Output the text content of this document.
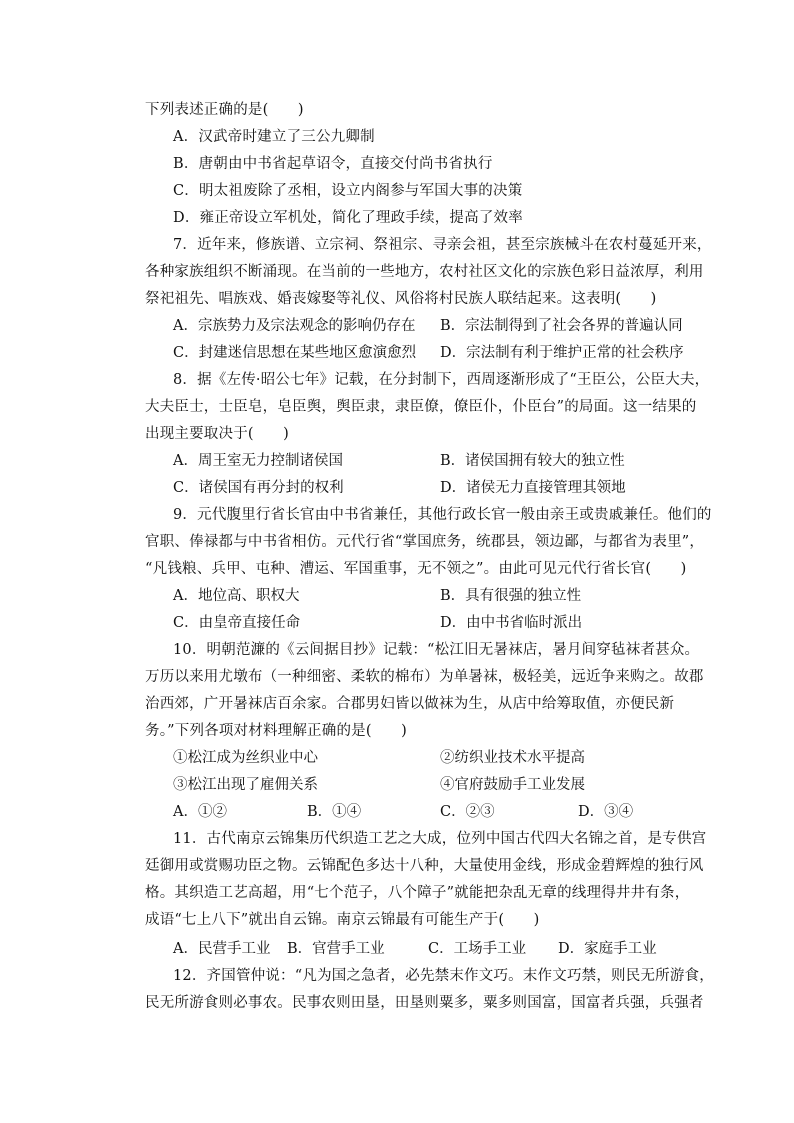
下列表述正确的是(　　)
A．汉武帝时建立了三公九卿制
B．唐朝由中书省起草诏令，直接交付尚书省执行
C．明太祖废除了丞相，设立内阁参与军国大事的决策
D．雍正帝设立军机处，简化了理政手续，提高了效率
7．近年来，修族谱、立宗祠、祭祖宗、寻亲会祖，甚至宗族械斗在农村蔓延开来，
各种家族组织不断涌现。在当前的一些地方，农村社区文化的宗族色彩日益浓厚，利用
祭祀祖先、唱族戏、婚丧嫁娶等礼仪、风俗将村民族人联结起来。这表明(　　)
A．宗族势力及宗法观念的影响仍存在 B．宗法制得到了社会各界的普遍认同
C．封建迷信思想在某些地区愈演愈烈 D．宗法制有利于维护正常的社会秩序
8．据《左传·昭公七年》记载，在分封制下，西周逐渐形成了“王臣公，公臣大夫，
大夫臣士，士臣皂，皂臣舆，舆臣隶，隶臣僚，僚臣仆，仆臣台”的局面。这一结果的
出现主要取决于(　　)
A．周王室无力控制诸侯国	B．诸侯国拥有较大的独立性
C．诸侯国有再分封的权利	D．诸侯无力直接管理其领地
9．元代腹里行省长官由中书省兼任，其他行政长官一般由亲王或贵戚兼任。他们的
官职、俸禄都与中书省相仿。元代行省“掌国庶务，统郡县，领边鄙，与都省为表里”，
“凡钱粮、兵甲、屯种、漕运、军国重事，无不领之”。由此可见元代行省长官(　　)
A．地位高、职权大	B．具有很强的独立性
C．由皇帝直接任命	D．由中书省临时派出
10．明朝范濂的《云间据目抄》记载：“松江旧无暑袜店，暑月间穿毡袜者甚众。
万历以来用尤墩布（一种细密、柔软的棉布）为单暑袜，极轻美，远近争来购之。故郡
治西郊，广开暑袜店百余家。合郡男妇皆以做袜为生，从店中给筹取值，亦便民新
务。”下列各项对材料理解正确的是(　　)
①松江成为丝织业中心	②纺织业技术水平提高
③松江出现了雇佣关系	④官府鼓励手工业发展
A．①②	B．①④	C．②③	D．③④
11．古代南京云锦集历代织造工艺之大成，位列中国古代四大名锦之首，是专供宫
廷御用或赏赐功臣之物。云锦配色多达十八种，大量使用金线，形成金碧辉煌的独行风
格。其织造工艺高超，用“七个范子，八个障子”就能把杂乱无章的线理得井井有条，
成语“七上八下”就出自云锦。南京云锦最有可能生产于(　　)
A．民营手工业 B．官营手工业	C．工场手工业 D．家庭手工业
12．齐国管仲说：“凡为国之急者，必先禁末作文巧。末作文巧禁，则民无所游食，
民无所游食则必事农。民事农则田垦，田垦则粟多，粟多则国富，国富者兵强，兵强者
